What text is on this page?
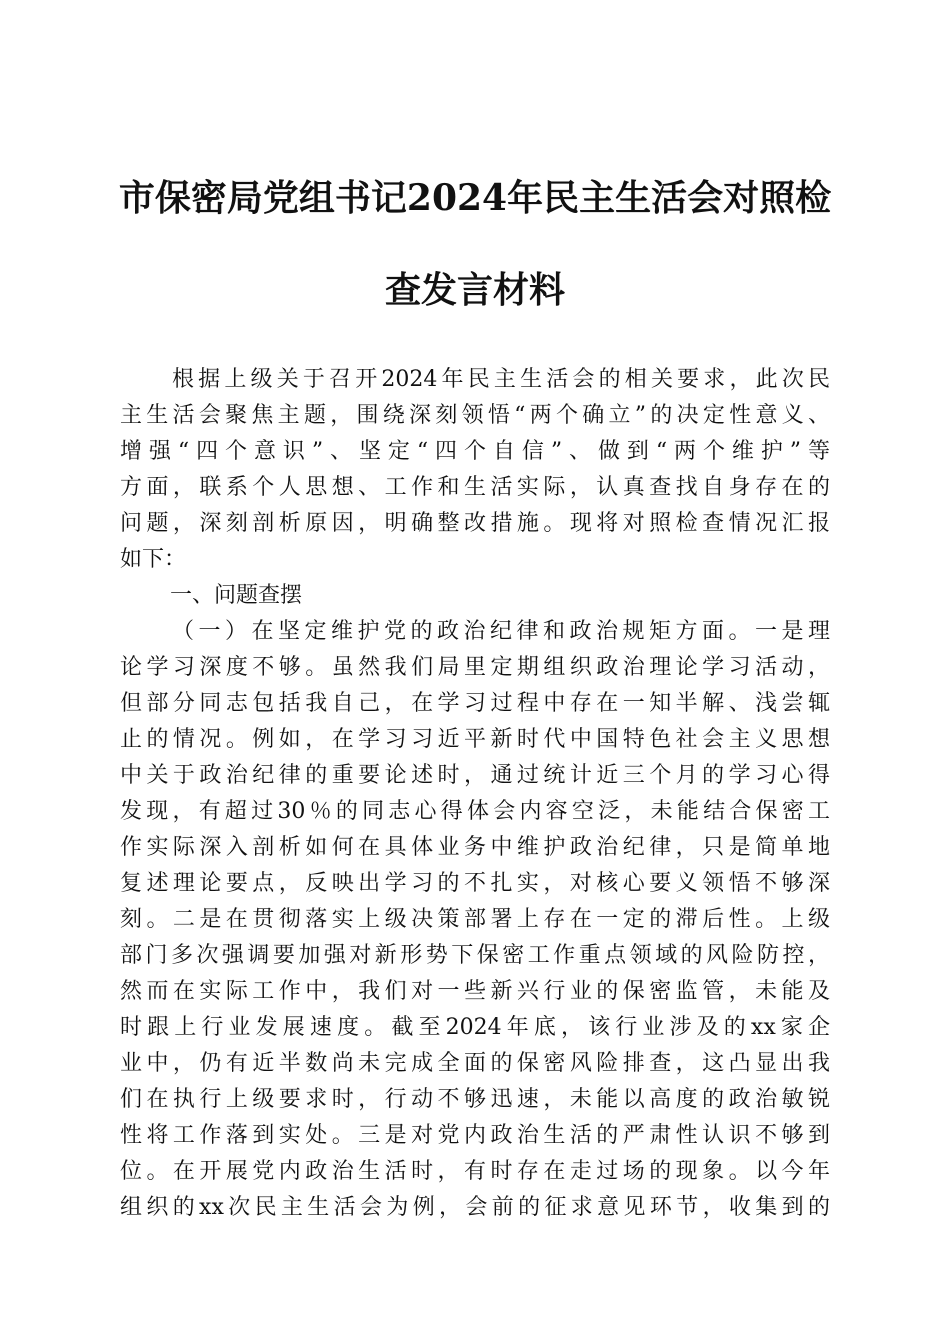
市保密局党组书记2024年民主生活会对照检
查发言材料
根据上级关于召开2024年民主生活会的相关要求，此次民
主生活会聚焦主题，围绕深刻领悟“两个确立”的决定性意义、
增强“四个意识”、坚定“四个自信”、做到“两个维护”等
方面，联系个人思想、工作和生活实际，认真查找自身存在的
问题，深刻剖析原因，明确整改措施。现将对照检查情况汇报
如下：
一、问题查摆
（一）在坚定维护党的政治纪律和政治规矩方面。一是理
论学习深度不够。虽然我们局里定期组织政治理论学习活动，
但部分同志包括我自己，在学习过程中存在一知半解、浅尝辄
止的情况。例如，在学习习近平新时代中国特色社会主义思想
中关于政治纪律的重要论述时，通过统计近三个月的学习心得
发现，有超过30％的同志心得体会内容空泛，未能结合保密工
作实际深入剖析如何在具体业务中维护政治纪律，只是简单地
复述理论要点，反映出学习的不扎实，对核心要义领悟不够深
刻。二是在贯彻落实上级决策部署上存在一定的滞后性。上级
部门多次强调要加强对新形势下保密工作重点领域的风险防控，
然而在实际工作中，我们对一些新兴行业的保密监管，未能及
时跟上行业发展速度。截至2024年底，该行业涉及的xx家企
业中，仍有近半数尚未完成全面的保密风险排查，这凸显出我
们在执行上级要求时，行动不够迅速，未能以高度的政治敏锐
性将工作落到实处。三是对党内政治生活的严肃性认识不够到
位。在开展党内政治生活时，有时存在走过场的现象。以今年
组织的xx次民主生活会为例，会前的征求意见环节，收集到的
